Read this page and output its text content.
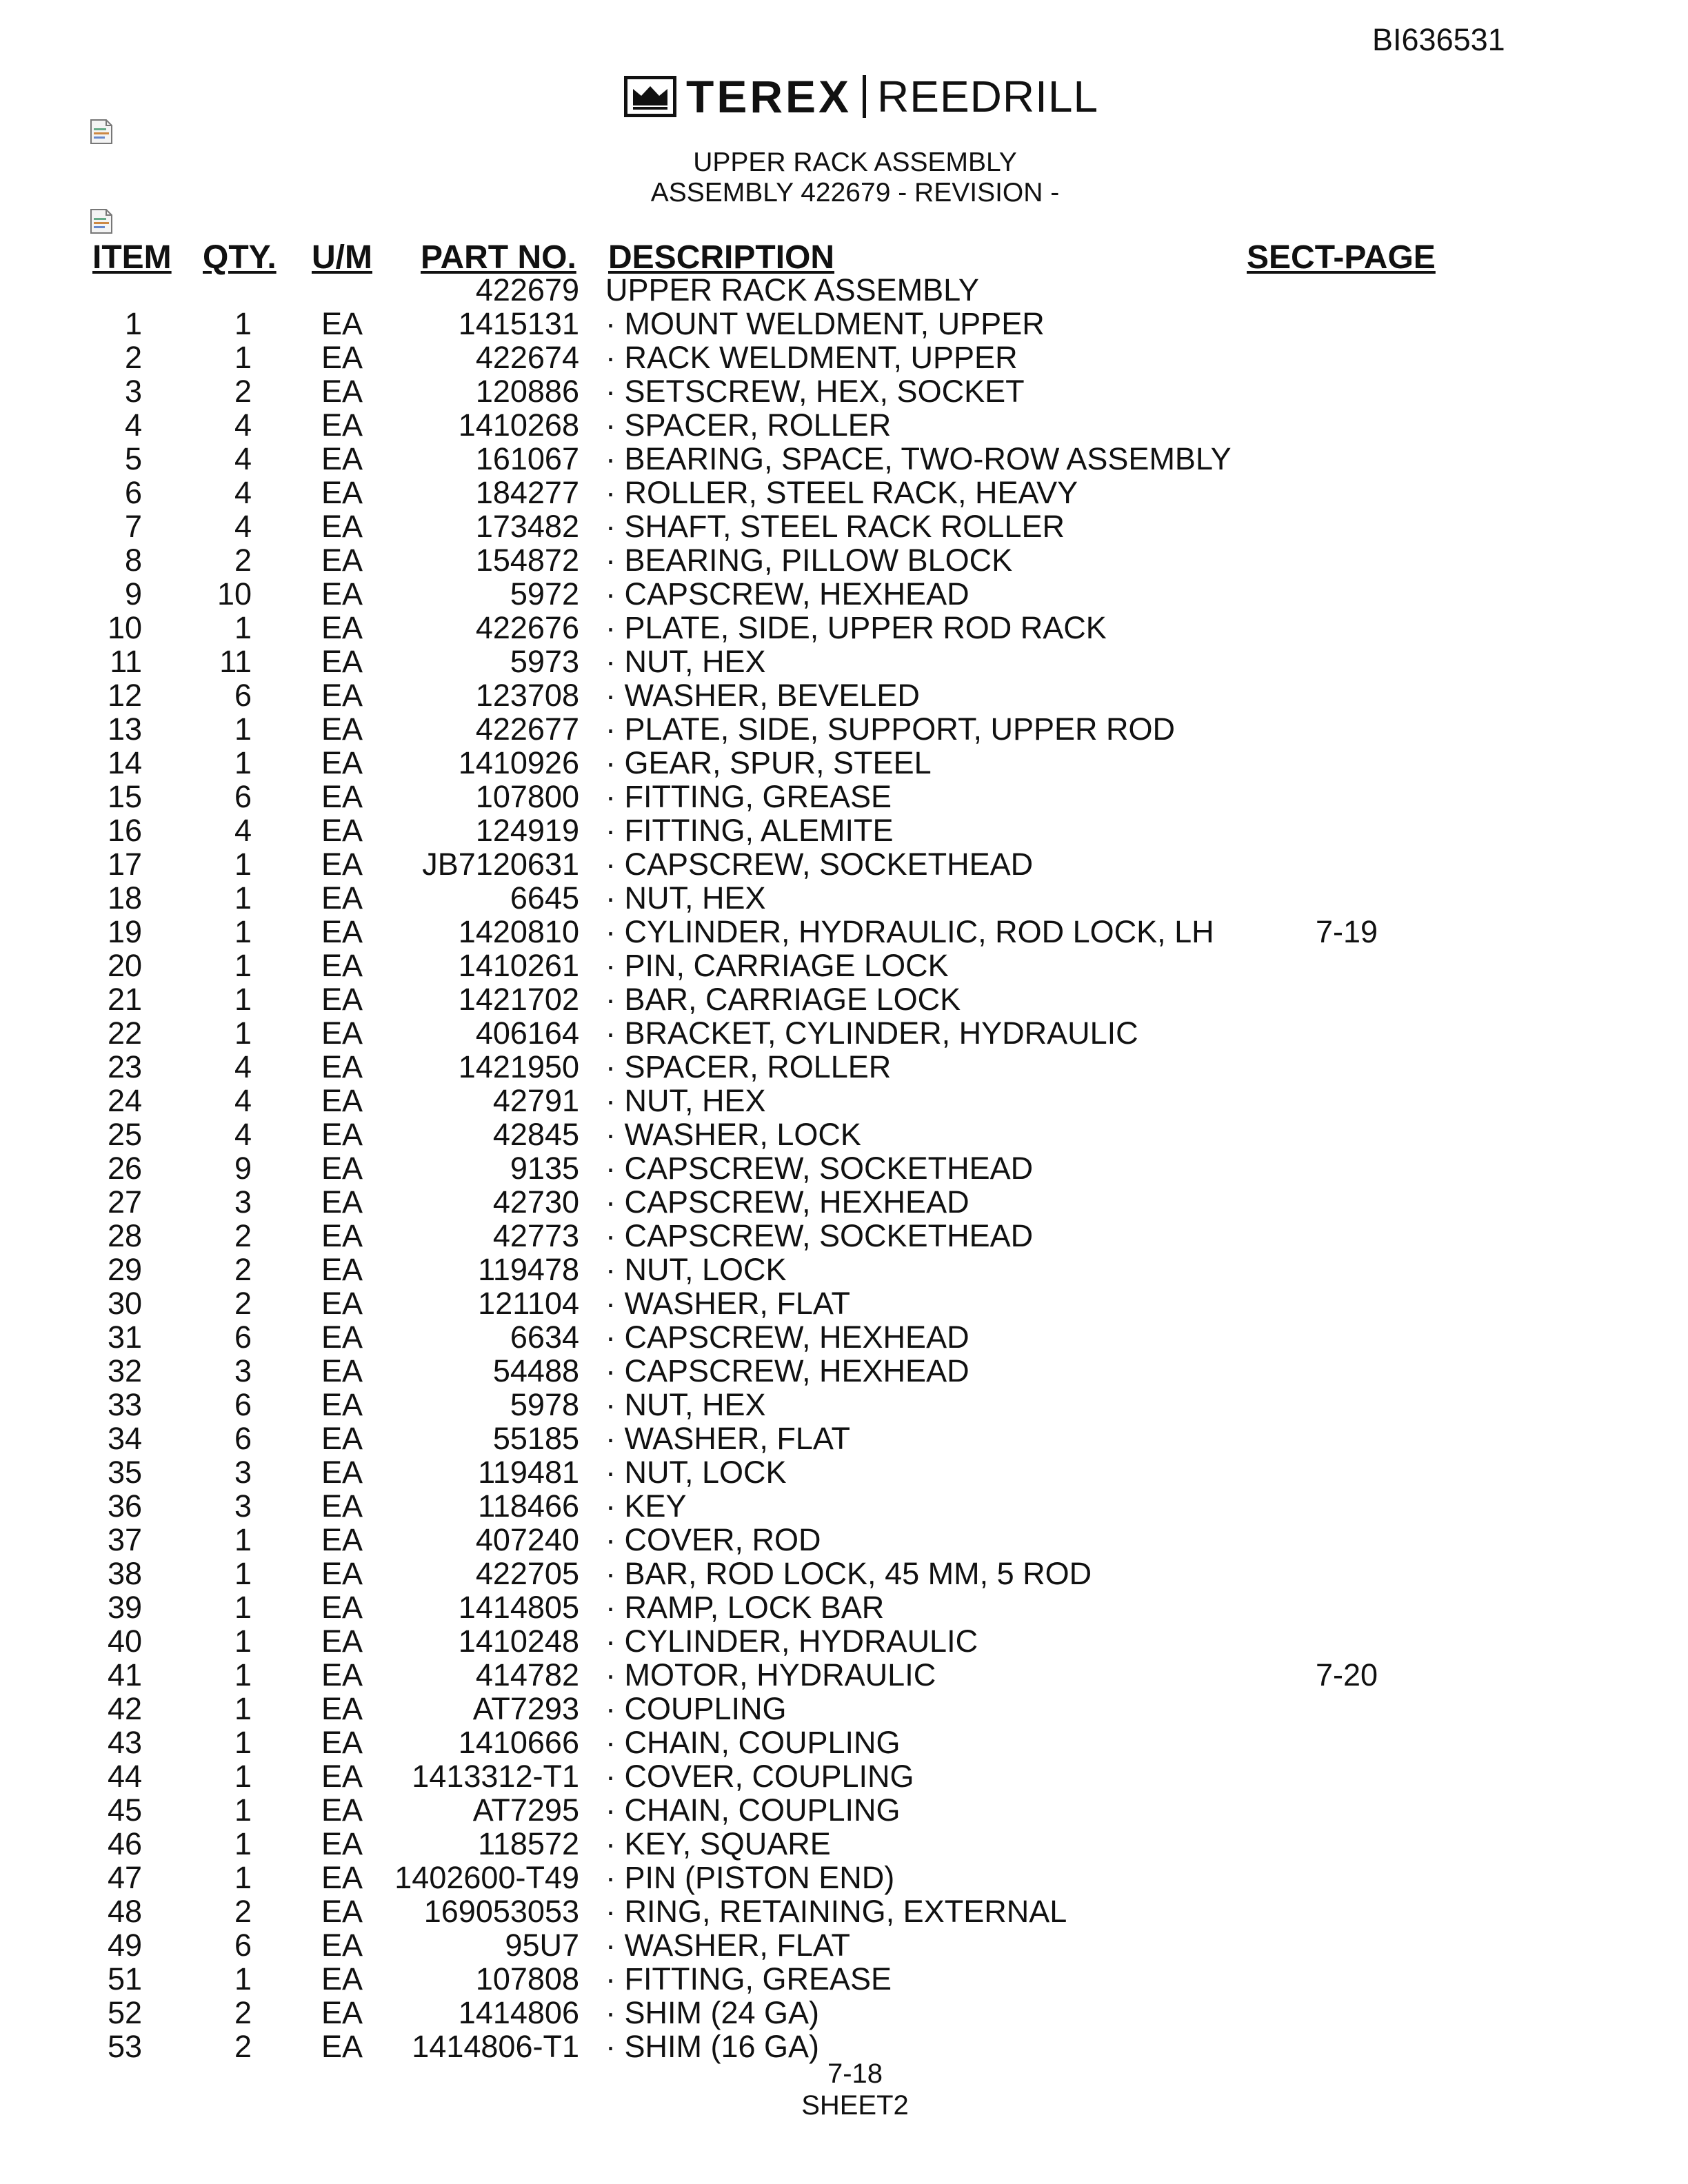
BI636531
TEREX REEDRILL
UPPER RACK ASSEMBLY
ASSEMBLY 422679 - REVISION -
ITEM QTY. U/M PART NO. DESCRIPTION	SECT-PAGE
422679 UPPER RACK ASSEMBLY
1	1 EA	1415131 · MOUNT WELDMENT, UPPER
2	1 EA	422674 · RACK WELDMENT, UPPER
3	2 EA	120886 · SETSCREW, HEX, SOCKET
4	4 EA	1410268 · SPACER, ROLLER
5	4 EA	161067 · BEARING, SPACE, TWO-ROW ASSEMBLY
6	4 EA	184277 · ROLLER, STEEL RACK, HEAVY
7	4 EA	173482 · SHAFT, STEEL RACK ROLLER
8	2 EA	154872 · BEARING, PILLOW BLOCK
9 10 EA	5972 · CAPSCREW, HEXHEAD
10	1 EA	422676 · PLATE, SIDE, UPPER ROD RACK
11 11 EA	5973 · NUT, HEX
12	6 EA	123708 · WASHER, BEVELED
13	1 EA	422677 · PLATE, SIDE, SUPPORT, UPPER ROD
14	1 EA	1410926 · GEAR, SPUR, STEEL
15	6 EA	107800 · FITTING, GREASE
16	4 EA	124919 · FITTING, ALEMITE
17	1 EA JB7120631 · CAPSCREW, SOCKETHEAD
18	1 EA	6645 · NUT, HEX
19	1 EA	1420810 · CYLINDER, HYDRAULIC, ROD LOCK, LH	7-19
20	1 EA	1410261 · PIN, CARRIAGE LOCK
21	1 EA	1421702 · BAR, CARRIAGE LOCK
22	1 EA	406164 · BRACKET, CYLINDER, HYDRAULIC
23	4 EA	1421950 · SPACER, ROLLER
24	4 EA	42791 · NUT, HEX
25	4 EA	42845 · WASHER, LOCK
26	9 EA	9135 · CAPSCREW, SOCKETHEAD
27	3 EA	42730 · CAPSCREW, HEXHEAD
28	2 EA	42773 · CAPSCREW, SOCKETHEAD
29	2 EA	119478 · NUT, LOCK
30	2 EA	121104 · WASHER, FLAT
31	6 EA	6634 · CAPSCREW, HEXHEAD
32	3 EA	54488 · CAPSCREW, HEXHEAD
33	6 EA	5978 · NUT, HEX
34	6 EA	55185 · WASHER, FLAT
35	3 EA	119481 · NUT, LOCK
36	3 EA	118466 · KEY
37	1 EA	407240 · COVER, ROD
38	1 EA	422705 · BAR, ROD LOCK, 45 MM, 5 ROD
39	1 EA	1414805 · RAMP, LOCK BAR
40	1 EA	1410248 · CYLINDER, HYDRAULIC
41	1 EA	414782 · MOTOR, HYDRAULIC	7-20
42	1 EA	AT7293 · COUPLING
43	1 EA	1410666 · CHAIN, COUPLING
44	1 EA 1413312-T1 · COVER, COUPLING
45	1 EA	AT7295 · CHAIN, COUPLING
46	1 EA	118572 · KEY, SQUARE
47	1 EA 1402600-T49 · PIN (PISTON END)
48	2 EA 169053053 · RING, RETAINING, EXTERNAL
49	6 EA	95U7 · WASHER, FLAT
51	1 EA	107808 · FITTING, GREASE
52	2 EA	1414806 · SHIM (24 GA)
53	2 EA 1414806-T1 · SHIM (16 GA)
7-18
SHEET2
